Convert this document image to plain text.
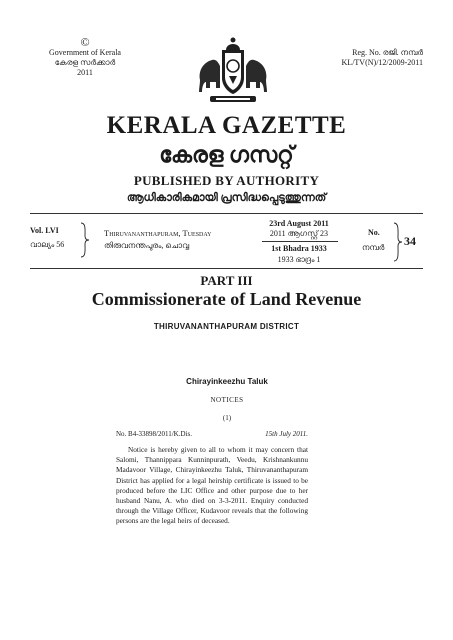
©
Government of Kerala
കേരള സർക്കാർ
2011
Reg. No. രജി. നമ്പർ
KL/TV(N)/12/2009-2011
KERALA GAZETTE
കേരള ഗസറ്റ്
PUBLISHED BY AUTHORITY
ആധികാരികമായി പ്രസിദ്ധപ്പെടുത്തുന്നത്
Vol. LVI
വാല്യം 56
Thiruvananthapuram, Tuesday
തിരുവനന്തപുരം, ചൊവ്വ
23rd August 2011
2011 ആഗസ്റ്റ് 23
1st Bhadra 1933
1933 ഭാദ്രം 1
No.
നമ്പർ 34
PART III
Commissionerate of Land Revenue
THIRUVANANTHAPURAM DISTRICT
Chirayinkeezhu Taluk
NOTICES
(1)
No. B4-33898/2011/K.Dis.	15th July 2011.
Notice is hereby given to all to whom it may concern that Salomi, Thannippara Kunninpurath, Veedu, Krishnankunnu Madavoor Village, Chirayinkeezhu Taluk, Thiruvananthapuram District has applied for a legal heirship certificate is issued to be produced before the LIC Office and other purpose due to her husband Nanu, A. who died on 3-3-2011. Enquiry conducted through the Village Officer, Kudavoor reveals that the following persons are the legal heirs of deceased.
